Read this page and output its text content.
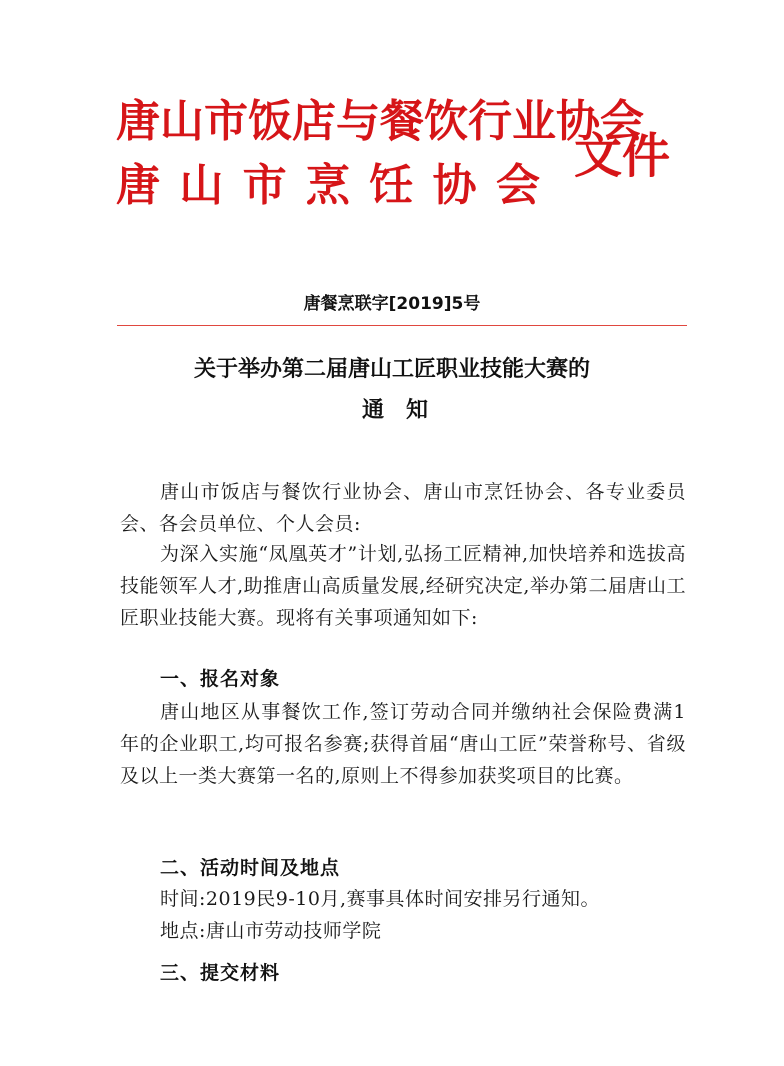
唐山市饭店与餐饮行业协会
唐 山 市 烹 饪 协 会
文件
唐餐烹联字[2019]5号
关于举办第二届唐山工匠职业技能大赛的
通知

唐山市饭店与餐饮行业协会、唐山市烹饪协会、各专业委员会、各会员单位、个人会员:

为深入实施“凤凰英才”计划,弘扬工匠精神,加快培养和选拔高技能领军人才,助推唐山高质量发展,经研究决定,举办第二届唐山工匠职业技能大赛。现将有关事项通知如下:

一、报名对象

唐山地区从事餐饮工作,签订劳动合同并缴纳社会保险费满1年的企业职工,均可报名参赛;获得首届“唐山工匠”荣誉称号、省级及以上一类大赛第一名的,原则上不得参加获奖项目的比赛。

二、活动时间及地点
时间:2019民9-10月,赛事具体时间安排另行通知。
地点:唐山市劳动技师学院
三、提交材料
